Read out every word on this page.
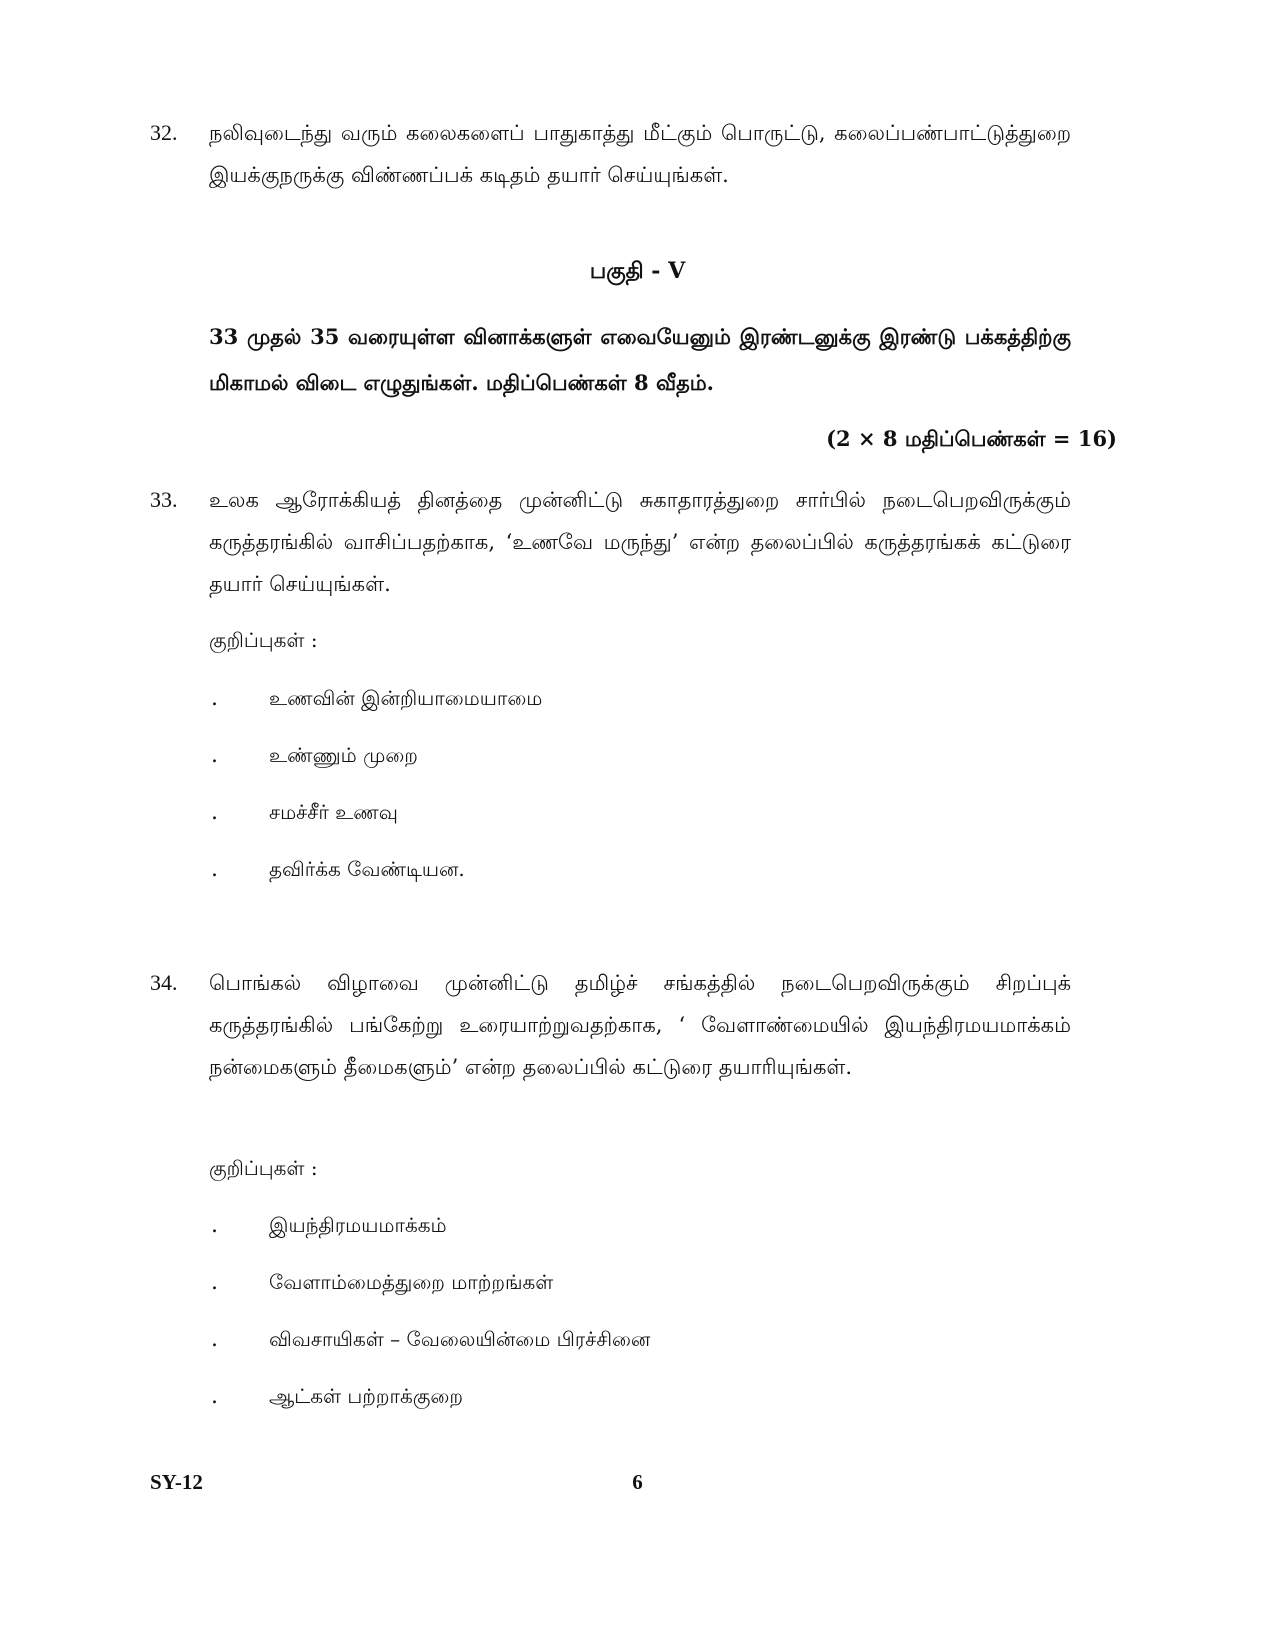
32. நலிவுடைந்து வரும் கலைகளைப் பாதுகாத்து மீட்கும் பொருட்டு, கலைப்பண்பாட்டுத்துறை இயக்குநருக்கு விண்ணப்பக் கடிதம் தயார் செய்யுங்கள்.
பகுதி - V
33 முதல் 35 வரையுள்ள வினாக்களுள் எவையேனும் இரண்டனுக்கு இரண்டு பக்கத்திற்கு மிகாமல் விடை எழுதுங்கள். மதிப்பெண்கள் 8 வீதம்.
(2 × 8 மதிப்பெண்கள் = 16)
33. உலக ஆரோக்கியத் தினத்தை முன்னிட்டு சுகாதாரத்துறை சார்பில் நடைபெறவிருக்கும் கருத்தரங்கில் வாசிப்பதற்காக, ‘உணவே மருந்து’ என்ற தலைப்பில் கருத்தரங்கக் கட்டுரை தயார் செய்யுங்கள்.
குறிப்புகள் :
.	உணவின் இன்றியாமையாமை
.	உண்ணும் முறை
.	சமச்சீர் உணவு
.	தவிர்க்க வேண்டியன.
34. பொங்கல் விழாவை முன்னிட்டு தமிழ்ச் சங்கத்தில் நடைபெறவிருக்கும் சிறப்புக் கருத்தரங்கில் பங்கேற்று உரையாற்றுவதற்காக, ‘ வேளாண்மையில் இயந்திரமயமாக்கம் நன்மைகளும் தீமைகளும்’ என்ற தலைப்பில் கட்டுரை தயாரியுங்கள்.
குறிப்புகள் :
.	இயந்திரமயமாக்கம்
.	வேளாம்மைத்துறை மாற்றங்கள்
.	விவசாயிகள் – வேலையின்மை பிரச்சினை
.	ஆட்கள் பற்றாக்குறை
SY-12	6
